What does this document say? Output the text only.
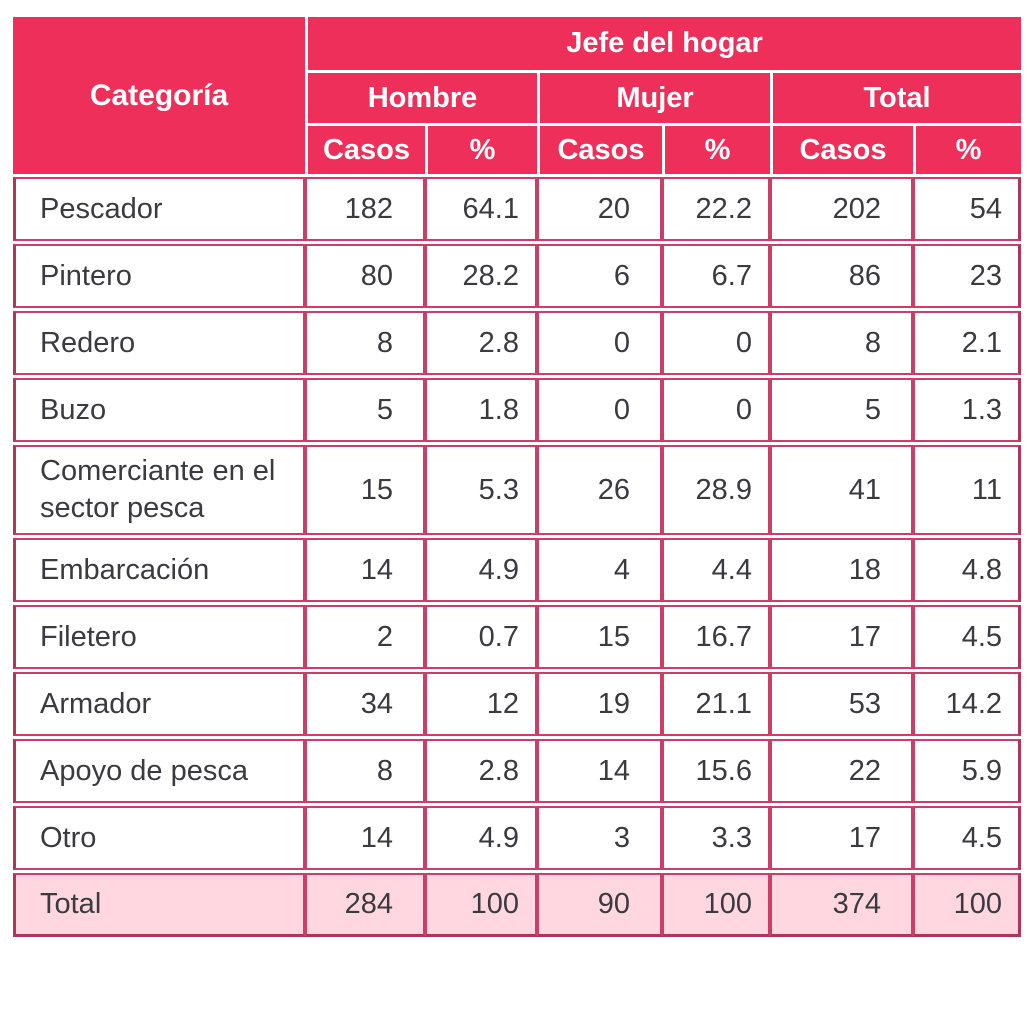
Categoría	Jefe del hogar					
	Hombre		Mujer		Total	
	Casos	%	Casos	%	Casos	%
Pescador	182	64.1	20	22.2	202	54
Pintero	80	28.2	6	6.7	86	23
Redero	8	2.8	0	0	8	2.1
Buzo	5	1.8	0	0	5	1.3
Comerciante en el sector pesca	15	5.3	26	28.9	41	11
Embarcación	14	4.9	4	4.4	18	4.8
Filetero	2	0.7	15	16.7	17	4.5
Armador	34	12	19	21.1	53	14.2
Apoyo de pesca	8	2.8	14	15.6	22	5.9
Otro	14	4.9	3	3.3	17	4.5
Total	284	100	90	100	374	100
